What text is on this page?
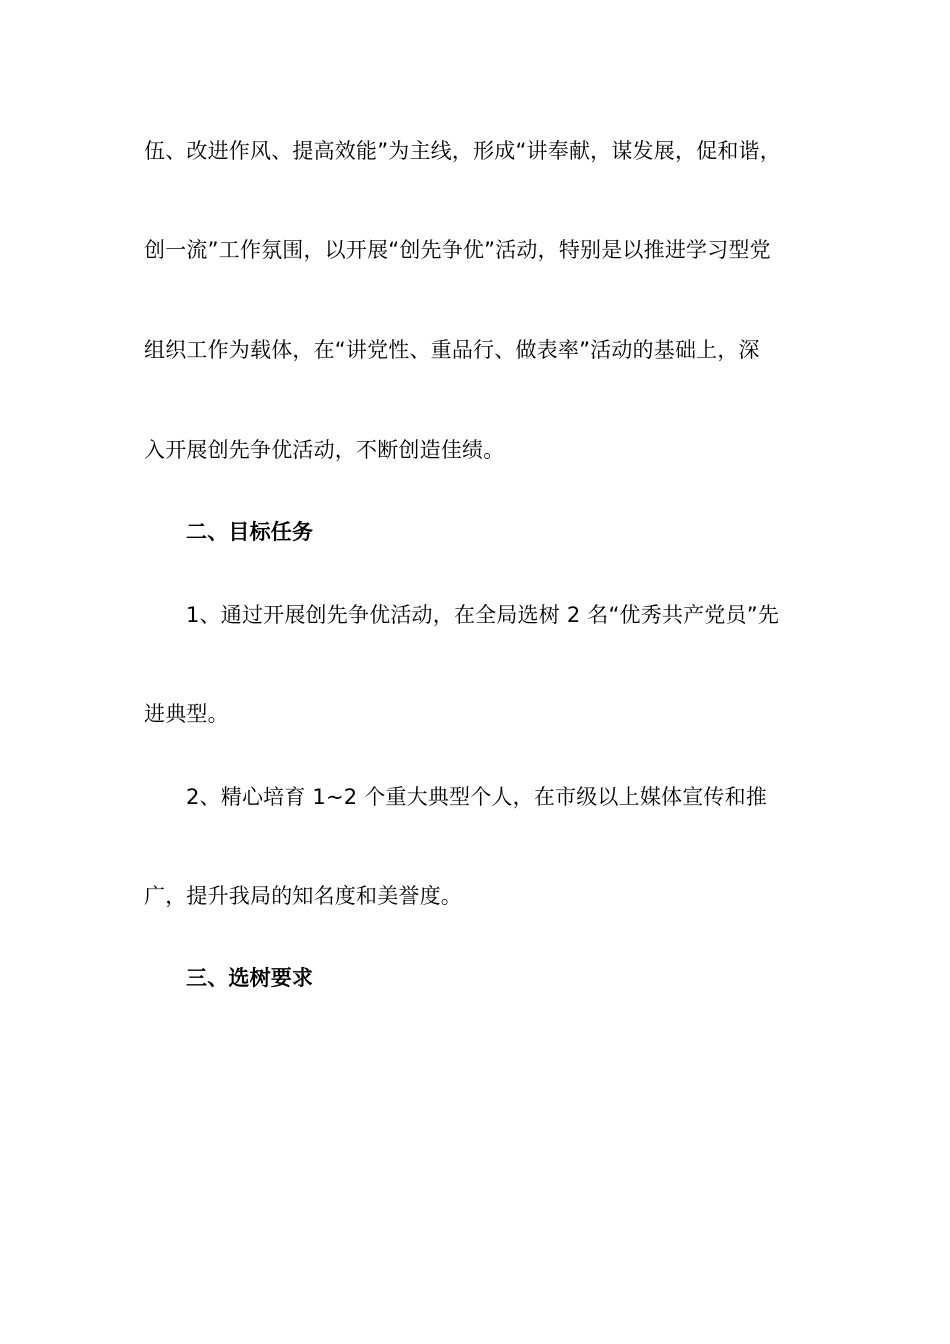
伍、改进作风、提高效能”为主线，形成“讲奉献，谋发展，促和谐，
创一流”工作氛围，以开展“创先争优”活动，特别是以推进学习型党
组织工作为载体，在“讲党性、重品行、做表率”活动的基础上，深
入开展创先争优活动，不断创造佳绩。
二、目标任务
1、通过开展创先争优活动，在全局选树 2 名“优秀共产党员”先
进典型。
2、精心培育 1~2 个重大典型个人，在市级以上媒体宣传和推
广，提升我局的知名度和美誉度。
三、选树要求
